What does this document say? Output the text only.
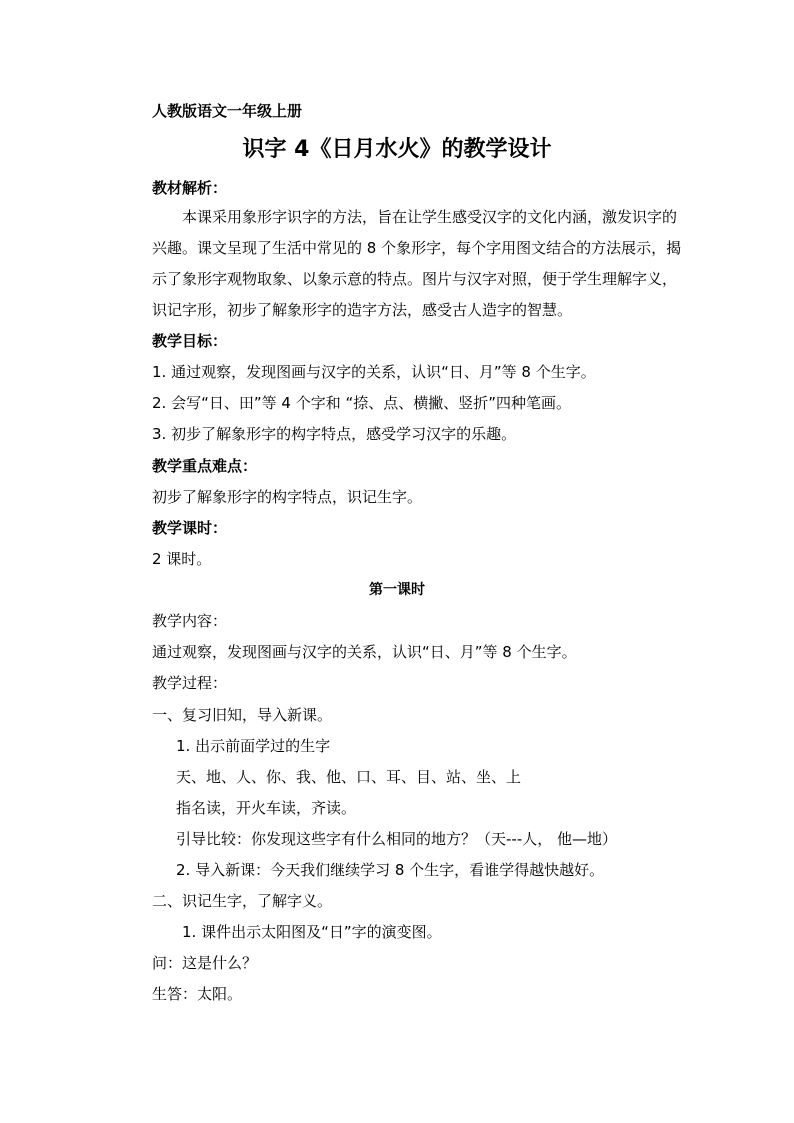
人教版语文一年级上册
识字 4《日月水火》的教学设计
教材解析：
本课采用象形字识字的方法，旨在让学生感受汉字的文化内涵，激发识字的
兴趣。课文呈现了生活中常见的 8 个象形字，每个字用图文结合的方法展示，揭
示了象形字观物取象、以象示意的特点。图片与汉字对照，便于学生理解字义，
识记字形，初步了解象形字的造字方法，感受古人造字的智慧。
教学目标：
1. 通过观察，发现图画与汉字的关系，认识“日、月”等 8 个生字。
2. 会写“日、田”等 4 个字和 “捺、点、横撇、竖折”四种笔画。
3. 初步了解象形字的构字特点，感受学习汉字的乐趣。
教学重点难点：
初步了解象形字的构字特点，识记生字。
教学课时：
2 课时。
第一课时
教学内容：
通过观察，发现图画与汉字的关系，认识“日、月”等 8 个生字。
教学过程：
一、复习旧知，导入新课。
1. 出示前面学过的生字
天、地、人、你、我、他、口、耳、目、站、坐、上
指名读，开火车读，齐读。
引导比较：你发现这些字有什么相同的地方？（天---人， 他—地）
2. 导入新课：今天我们继续学习 8 个生字，看谁学得越快越好。
二、识记生字，了解字义。
1. 课件出示太阳图及“日”字的演变图。
问：这是什么？
生答：太阳。
